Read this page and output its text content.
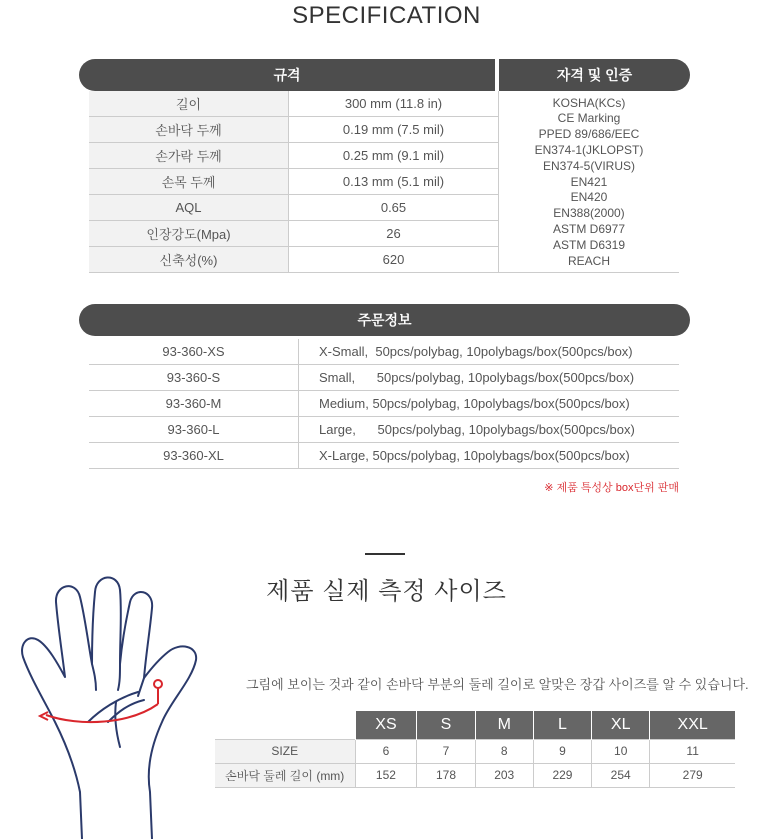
SPECIFICATION
규격	자격 및 인증
길이	300 mm (11.8 in)
손바닥 두께	0.19 mm (7.5 mil)
손가락 두께	0.25 mm (9.1 mil)
손목 두께	0.13 mm (5.1 mil)
AQL	0.65
인장강도(Mpa)	26
신축성(%)	620
KOSHA(KCs)
CE Marking
PPED 89/686/EEC
EN374-1(JKLOPST)
EN374-5(VIRUS)
EN421
EN420
EN388(2000)
ASTM D6977
ASTM D6319
REACH
주문정보
93-360-XS	X-Small,  50pcs/polybag, 10polybags/box(500pcs/box)
93-360-S	Small,      50pcs/polybag, 10polybags/box(500pcs/box)
93-360-M	Medium, 50pcs/polybag, 10polybags/box(500pcs/box)
93-360-L	Large,      50pcs/polybag, 10polybags/box(500pcs/box)
93-360-XL	X-Large, 50pcs/polybag, 10polybags/box(500pcs/box)
※ 제품 특성상 box단위 판매
제품 실제 측정 사이즈
그림에 보이는 것과 같이 손바닥 부분의 둘레 길이로 알맞은 장갑 사이즈를 알 수 있습니다.
	XS	S	M	L	XL	XXL
SIZE	6	7	8	9	10	11
손바닥 둘레 길이 (mm)	152	178	203	229	254	279
